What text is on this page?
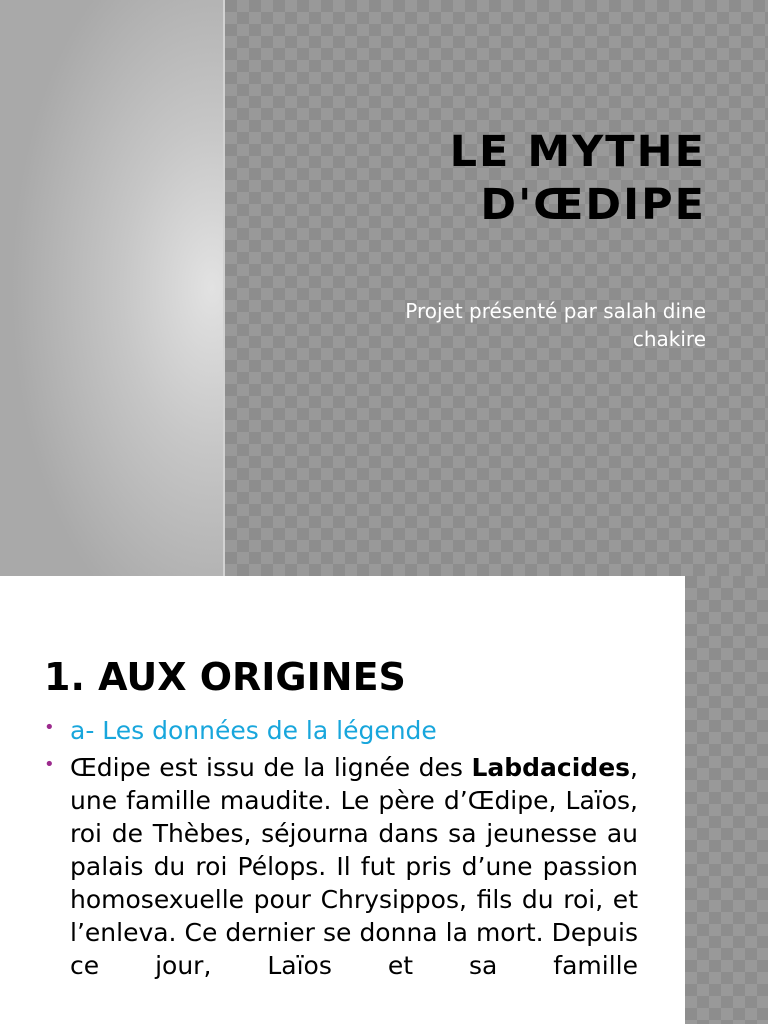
LE MYTHE
D'ŒDIPE
Projet présenté par salah dine
chakire
1. AUX ORIGINES
• a- Les données de la légende
• Œdipe est issu de la lignée des Labdacides, une famille maudite. Le père d’Œdipe, Laïos, roi de Thèbes, séjourna dans sa jeunesse au palais du roi Pélops. Il fut pris d’une passion homosexuelle pour Chrysippos, fils du roi, et l’enleva. Ce dernier se donna la mort. Depuis ce jour, Laïos et sa famille
